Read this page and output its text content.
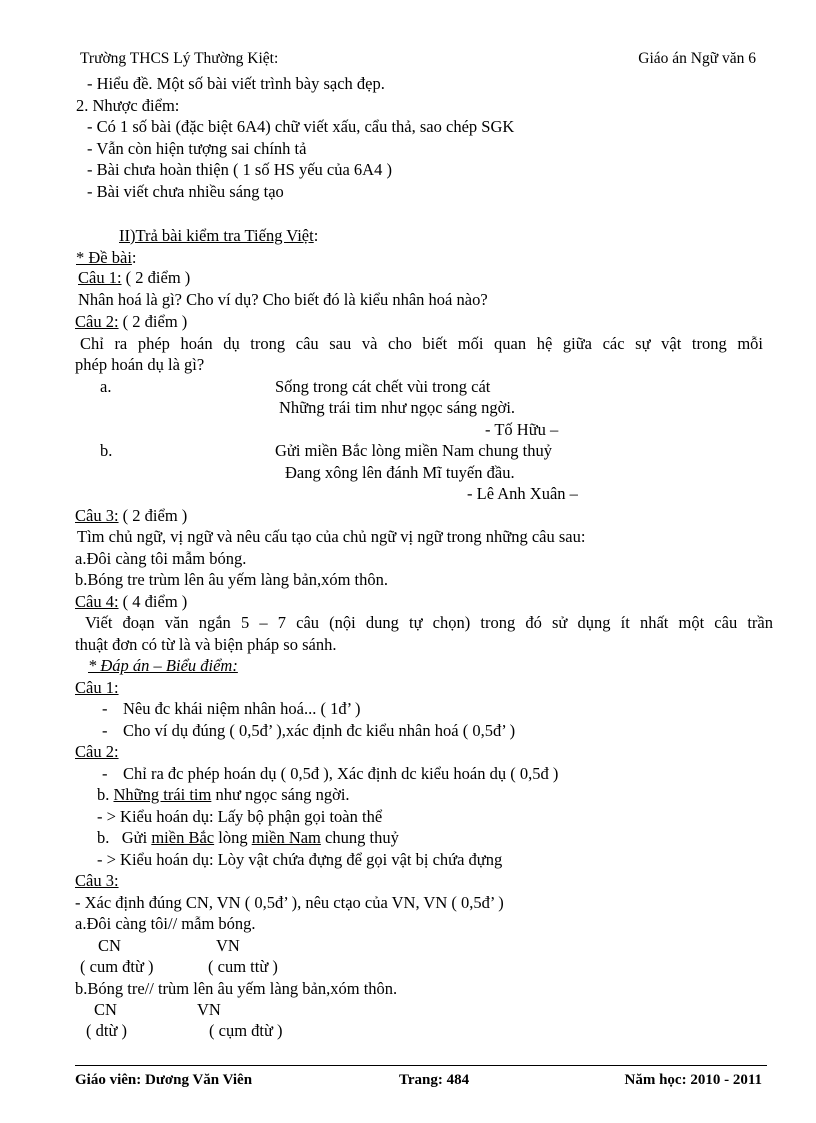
Trường THCS Lý Thường Kiệt:	Giáo án Ngữ văn 6
- Hiểu đề. Một số bài viết trình bày sạch đẹp.
2. Nhược điểm:
- Có 1 số bài (đặc biệt 6A4) chữ viết xấu, cẩu thả, sao chép SGK
- Vẫn còn hiện tượng sai chính tả
- Bài chưa hoàn thiện ( 1 số HS yếu của 6A4 )
- Bài viết chưa nhiều sáng tạo
II)Trả bài kiểm tra Tiếng Việt:
* Đề bài:
Câu 1: ( 2 điểm )
Nhân hoá là gì? Cho ví dụ? Cho biết đó là kiểu nhân hoá nào?
Câu 2: ( 2 điểm )
Chỉ ra phép hoán dụ trong câu sau và cho biết mối quan hệ giữa các sự vật trong mỗi
phép hoán dụ là gì?
a.	Sống trong cát chết vùi trong cát
Những trái tim như ngọc sáng ngời.
- Tố Hữu –
b.	Gửi miền Bắc lòng miền Nam chung thuỷ
Đang xông lên đánh Mĩ tuyến đầu.
- Lê Anh Xuân –
Câu 3: ( 2 điểm )
Tìm chủ ngữ, vị ngữ và nêu cấu tạo của chủ ngữ vị ngữ trong những câu sau:
a.Đôi càng tôi mẫm bóng.
b.Bóng tre trùm lên âu yếm làng bản,xóm thôn.
Câu 4: ( 4 điểm )
Viết đoạn văn ngắn 5 – 7 câu (nội dung tự chọn) trong đó sử dụng ít nhất một câu trần
thuật đơn có từ là và biện pháp so sánh.
* Đáp án – Biểu điểm:
Câu 1:
- Nêu đc khái niệm nhân hoá... ( 1đ’ )
- Cho ví dụ đúng ( 0,5đ’ ),xác định đc kiểu nhân hoá ( 0,5đ’ )
Câu 2:
- Chỉ ra đc phép hoán dụ ( 0,5đ ), Xác định dc kiểu hoán dụ ( 0,5đ )
b. Những trái tim như ngọc sáng ngời.
- > Kiểu hoán dụ: Lấy bộ phận gọi toàn thể
b. Gửi miền Bắc lòng miền Nam chung thuỷ
- > Kiểu hoán dụ: Lòy vật chứa đựng để gọi vật bị chứa đựng
Câu 3:
- Xác định đúng CN, VN ( 0,5đ’ ), nêu ctạo của VN, VN ( 0,5đ’ )
a.Đôi càng tôi// mẫm bóng.
CN	VN
( cum đtừ )	( cum ttừ )
b.Bóng tre// trùm lên âu yếm làng bản,xóm thôn.
CN	VN
( dtừ )	( cụm đtừ )
Giáo viên: Dương Văn Viên	Trang: 484	Năm học: 2010 - 2011
